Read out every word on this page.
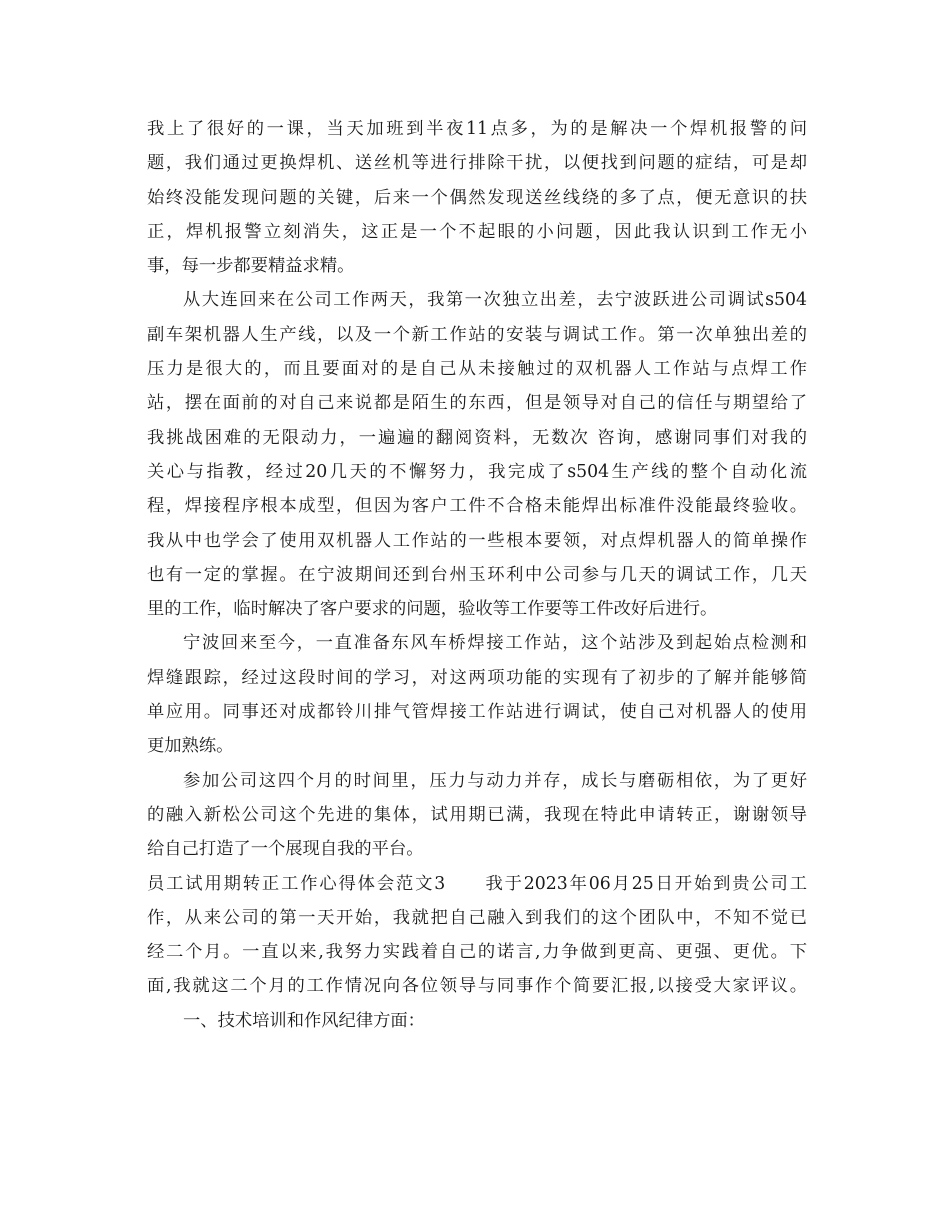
我上了很好的一课，当天加班到半夜11点多，为的是解决一个焊机报警的问
题，我们通过更换焊机、送丝机等进行排除干扰，以便找到问题的症结，可是却
始终没能发现问题的关键，后来一个偶然发现送丝线绕的多了点，便无意识的扶
正，焊机报警立刻消失，这正是一个不起眼的小问题，因此我认识到工作无小
事，每一步都要精益求精。
从大连回来在公司工作两天，我第一次独立出差，去宁波跃进公司调试s504
副车架机器人生产线，以及一个新工作站的安装与调试工作。第一次单独出差的
压力是很大的，而且要面对的是自己从未接触过的双机器人工作站与点焊工作
站，摆在面前的对自己来说都是陌生的东西，但是领导对自己的信任与期望给了
我挑战困难的无限动力，一遍遍的翻阅资料，无数次 咨询，感谢同事们对我的
关心与指教，经过20几天的不懈努力，我完成了s504生产线的整个自动化流
程，焊接程序根本成型，但因为客户工件不合格未能焊出标准件没能最终验收。
我从中也学会了使用双机器人工作站的一些根本要领，对点焊机器人的简单操作
也有一定的掌握。在宁波期间还到台州玉环利中公司参与几天的调试工作，几天
里的工作，临时解决了客户要求的问题，验收等工作要等工件改好后进行。
宁波回来至今，一直准备东风车桥焊接工作站，这个站涉及到起始点检测和
焊缝跟踪，经过这段时间的学习，对这两项功能的实现有了初步的了解并能够简
单应用。同事还对成都铃川排气管焊接工作站进行调试，使自己对机器人的使用
更加熟练。
参加公司这四个月的时间里，压力与动力并存，成长与磨砺相依，为了更好
的融入新松公司这个先进的集体，试用期已满，我现在特此申请转正，谢谢领导
给自己打造了一个展现自我的平台。
员工试用期转正工作心得体会范文3　　我于2023年06月25日开始到贵公司工
作，从来公司的第一天开始，我就把自己融入到我们的这个团队中，不知不觉已
经二个月。一直以来,我努力实践着自己的诺言,力争做到更高、更强、更优。下
面,我就这二个月的工作情况向各位领导与同事作个简要汇报,以接受大家评议。
一、技术培训和作风纪律方面：
